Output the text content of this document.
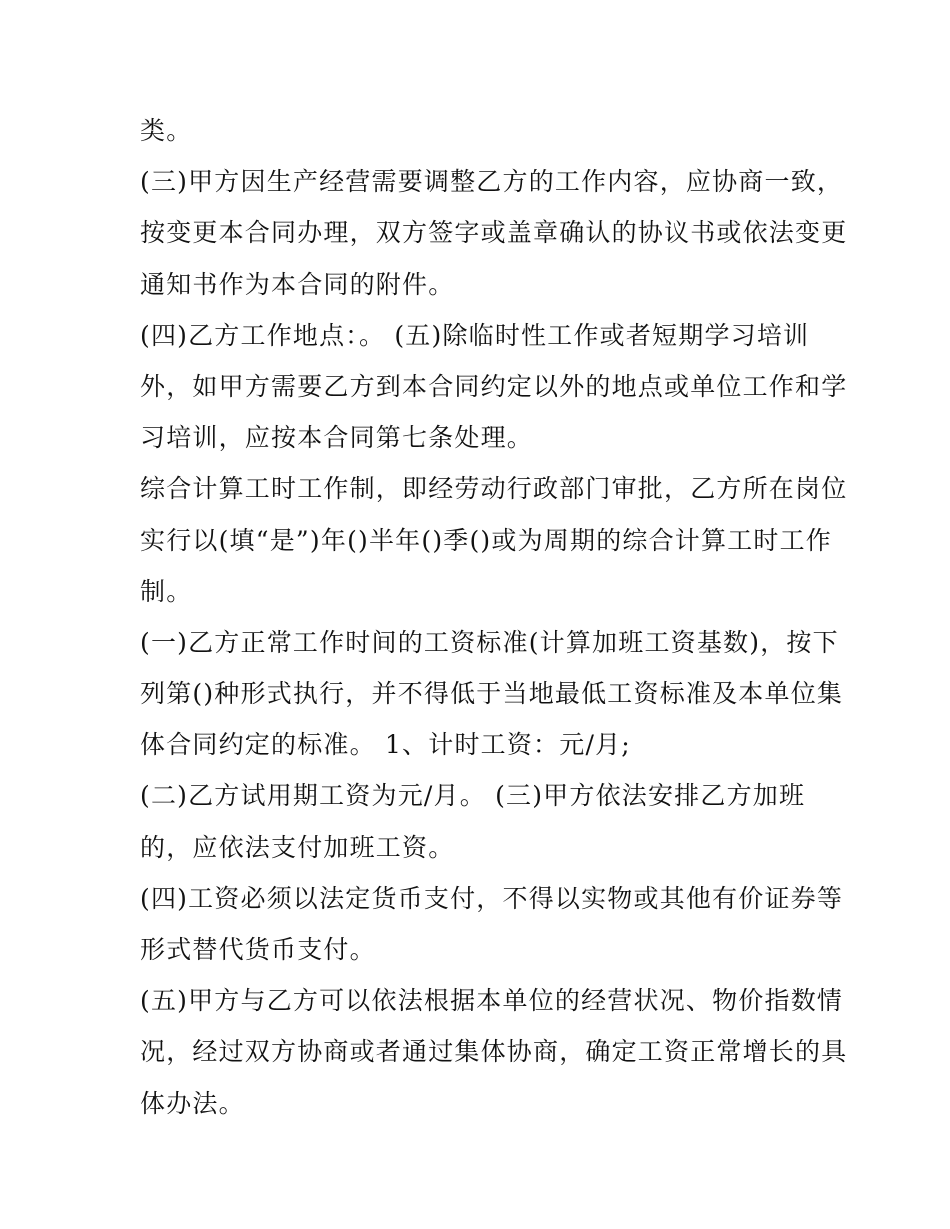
类。
(三)甲方因生产经营需要调整乙方的工作内容，应协商一致，
按变更本合同办理，双方签字或盖章确认的协议书或依法变更
通知书作为本合同的附件。
(四)乙方工作地点：。 (五)除临时性工作或者短期学习培训
外，如甲方需要乙方到本合同约定以外的地点或单位工作和学
习培训，应按本合同第七条处理。
综合计算工时工作制，即经劳动行政部门审批，乙方所在岗位
实行以(填“是”)年()半年()季()或为周期的综合计算工时工作
制。
(一)乙方正常工作时间的工资标准(计算加班工资基数)，按下
列第()种形式执行，并不得低于当地最低工资标准及本单位集
体合同约定的标准。 1、计时工资：元/月;
(二)乙方试用期工资为元/月。 (三)甲方依法安排乙方加班
的，应依法支付加班工资。
(四)工资必须以法定货币支付，不得以实物或其他有价证券等
形式替代货币支付。
(五)甲方与乙方可以依法根据本单位的经营状况、物价指数情
况，经过双方协商或者通过集体协商，确定工资正常增长的具
体办法。
